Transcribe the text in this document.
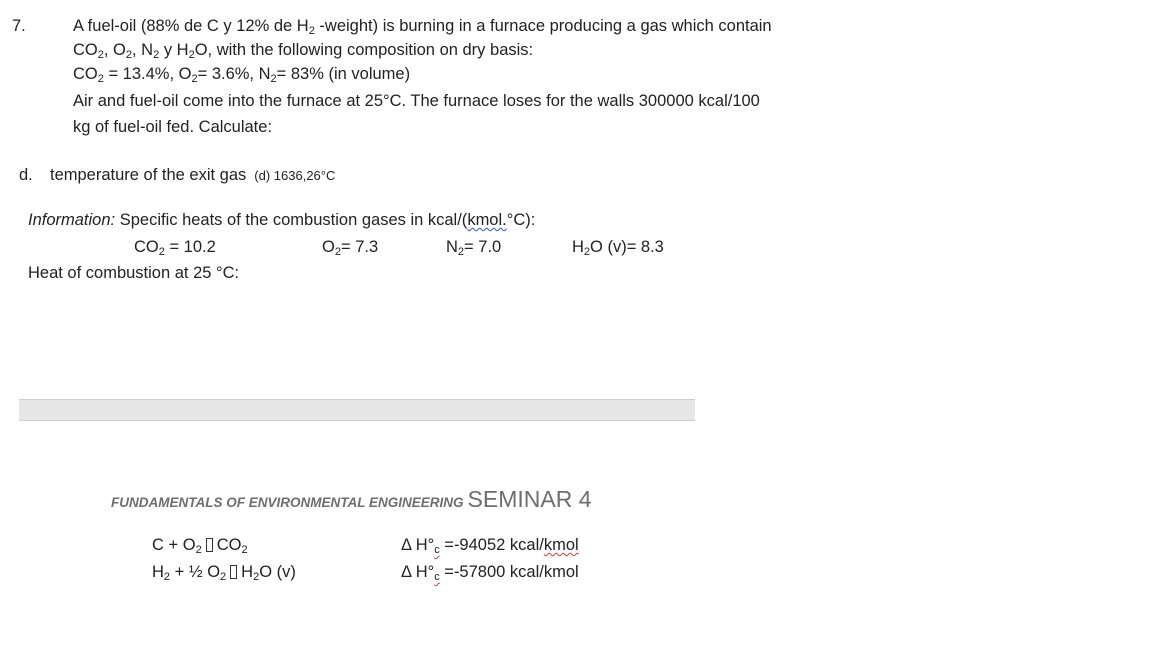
7.	A fuel-oil (88% de C y 12% de $H_2$ -weight) is burning in a furnace producing a gas which contain
$CO_2$, $O_2$, $N_2$ y $H_2O$, with the following composition on dry basis:
$CO_2 = 13.4\%$, $O_2= 3.6\%$, $N_2= 83\%$ (in volume)
Air and fuel-oil come into the furnace at 25°C. The furnace loses for the walls 300000 kcal/100
kg of fuel-oil fed. Calculate:
d. temperature of the exit gas (d) 1636,26°C
Information: Specific heats of the combustion gases in kcal/(kmol.°C):
$CO_2 = 10.2$	$O_2= 7.3$	$N_2= 7.0$	$H_2O$ (v)= 8.3
Heat of combustion at 25 °C:
FUNDAMENTALS OF ENVIRONMENTAL ENGINEERING SEMINAR 4
$C + O_2$ $CO_2$	Δ $H^\circ_c =-94052$ kcal/kmol
$H_2$ + ½ $O_2$ $H_2O$ (v)	Δ $H^\circ_c =-57800$ kcal/kmol
